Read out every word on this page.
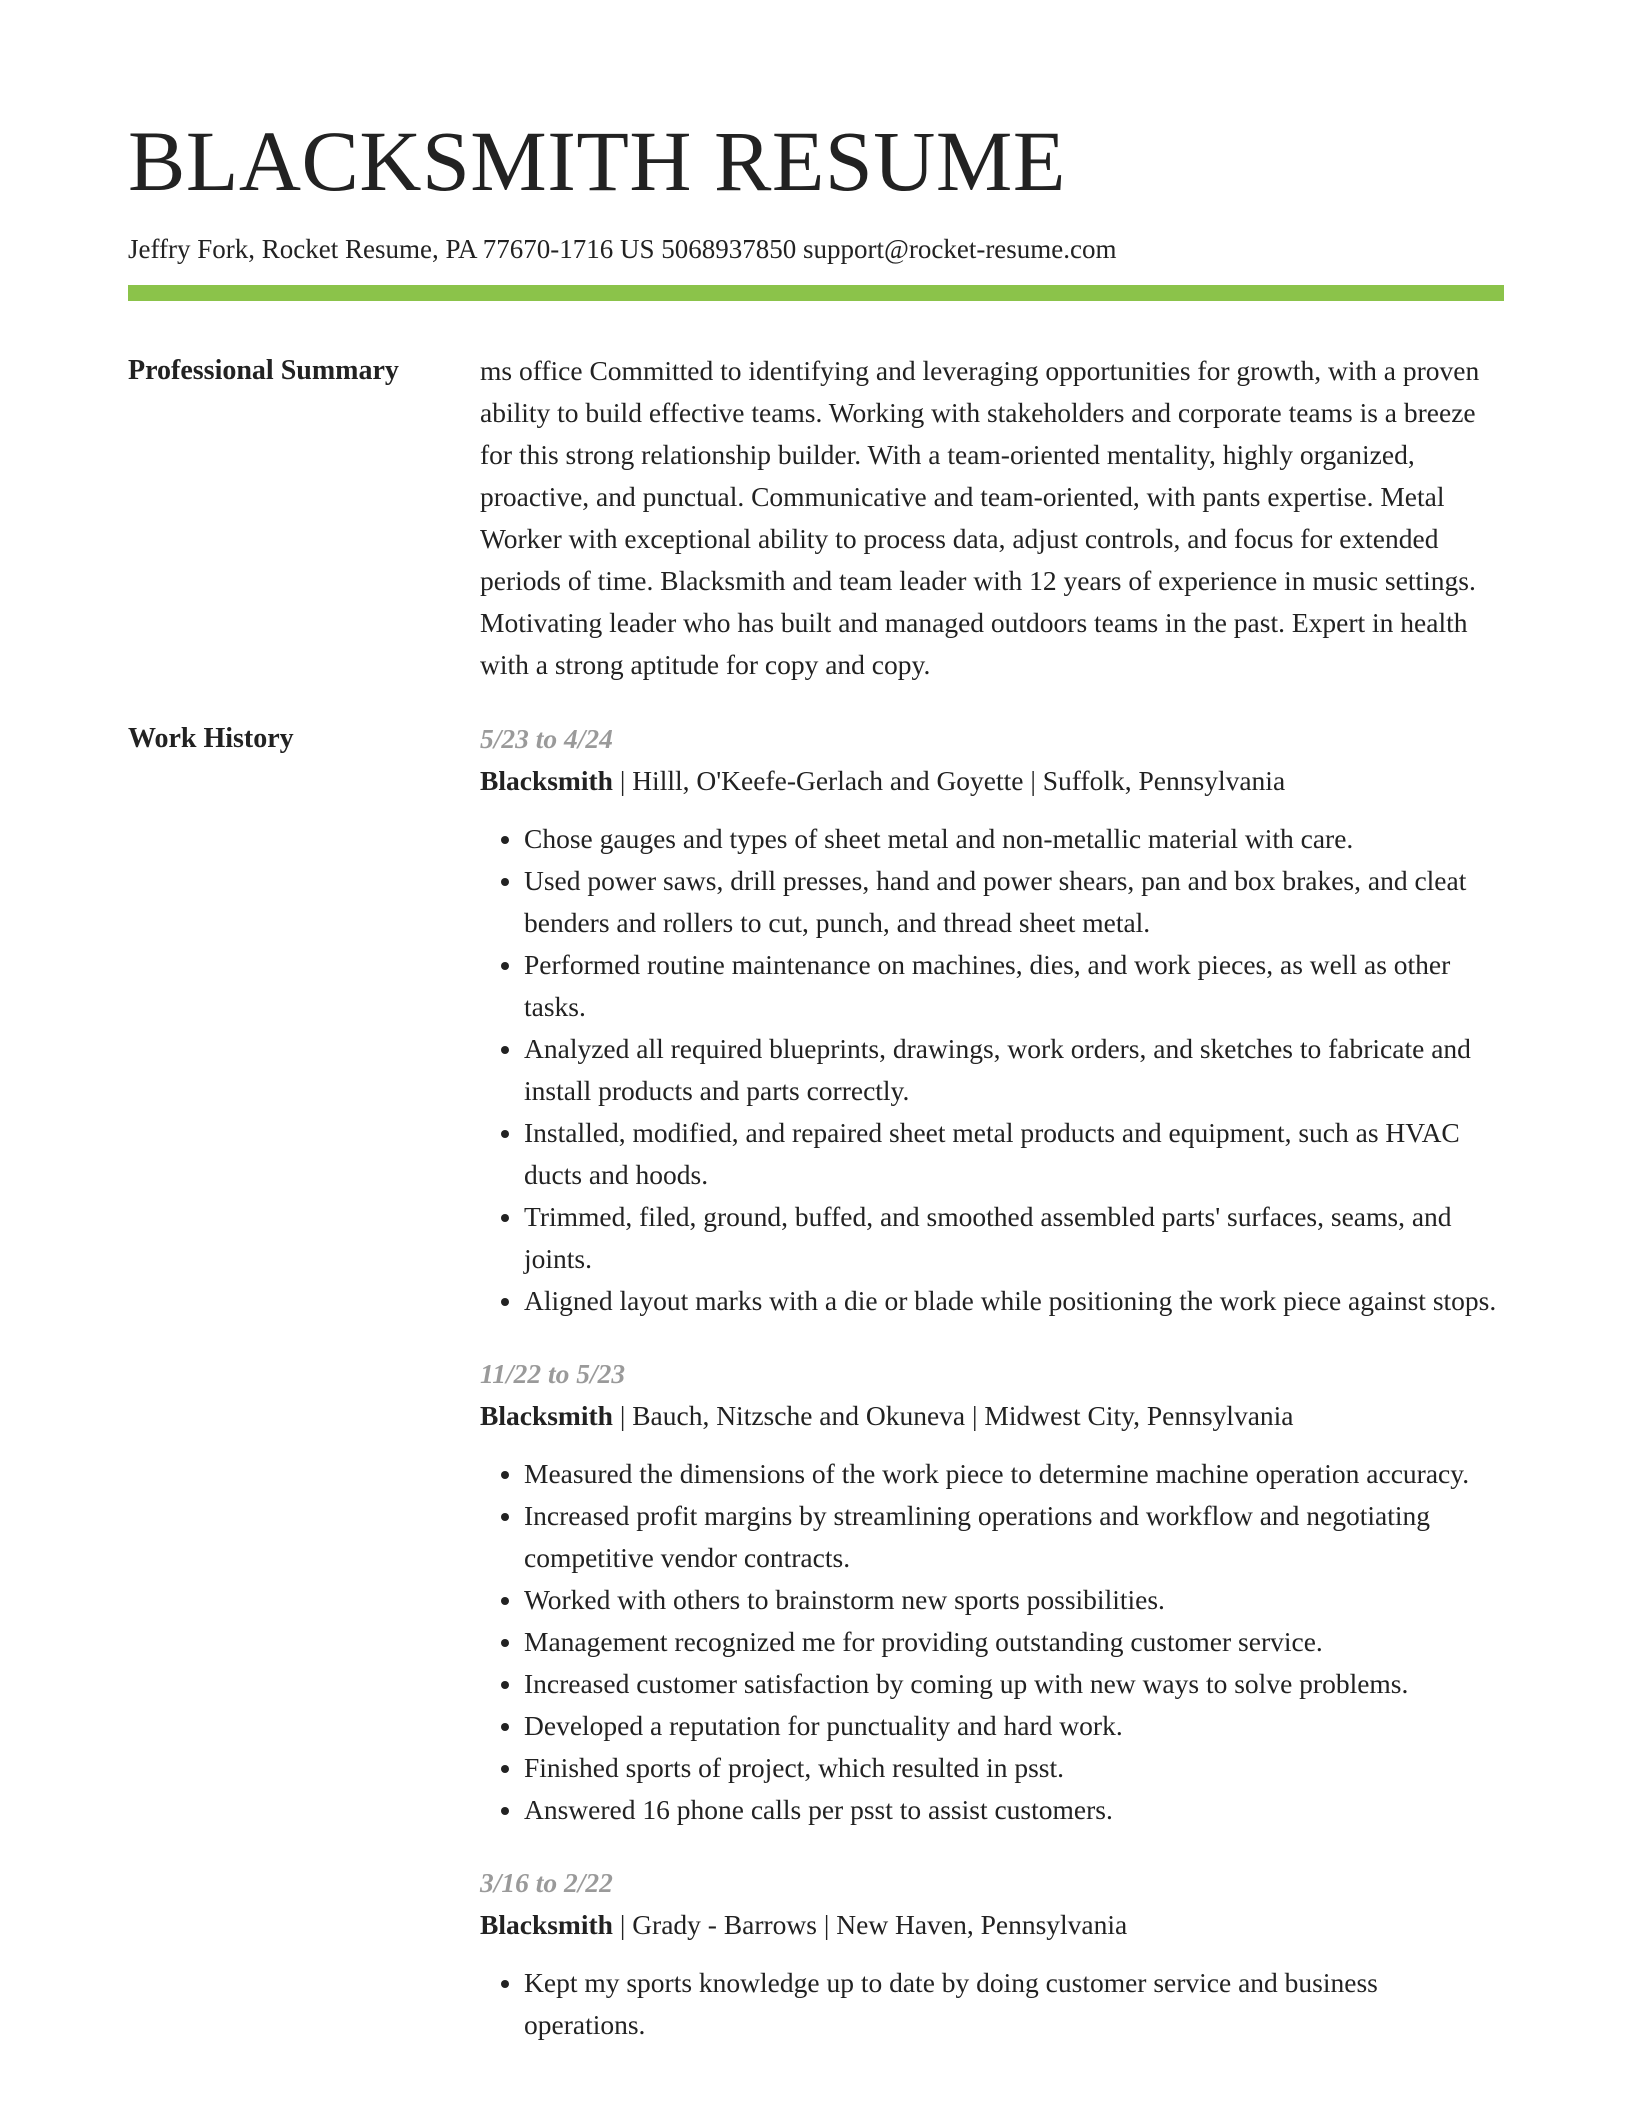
BLACKSMITH RESUME
Jeffry Fork, Rocket Resume, PA 77670-1716 US 5068937850 support@rocket-resume.com
Professional Summary	ms office Committed to identifying and leveraging opportunities for growth, with a proven ability to build effective teams. Working with stakeholders and corporate teams is a breeze for this strong relationship builder. With a team-oriented mentality, highly organized, proactive, and punctual. Communicative and team-oriented, with pants expertise. Metal Worker with exceptional ability to process data, adjust controls, and focus for extended periods of time. Blacksmith and team leader with 12 years of experience in music settings. Motivating leader who has built and managed outdoors teams in the past. Expert in health with a strong aptitude for copy and copy.

Work History	5/23 to 4/24
Blacksmith | Hilll, O'Keefe-Gerlach and Goyette | Suffolk, Pennsylvania
• Chose gauges and types of sheet metal and non-metallic material with care.
• Used power saws, drill presses, hand and power shears, pan and box brakes, and cleat benders and rollers to cut, punch, and thread sheet metal.
• Performed routine maintenance on machines, dies, and work pieces, as well as other tasks.
• Analyzed all required blueprints, drawings, work orders, and sketches to fabricate and install products and parts correctly.
• Installed, modified, and repaired sheet metal products and equipment, such as HVAC ducts and hoods.
• Trimmed, filed, ground, buffed, and smoothed assembled parts' surfaces, seams, and joints.
• Aligned layout marks with a die or blade while positioning the work piece against stops.
11/22 to 5/23
Blacksmith | Bauch, Nitzsche and Okuneva | Midwest City, Pennsylvania
• Measured the dimensions of the work piece to determine machine operation accuracy.
• Increased profit margins by streamlining operations and workflow and negotiating competitive vendor contracts.
• Worked with others to brainstorm new sports possibilities.
• Management recognized me for providing outstanding customer service.
• Increased customer satisfaction by coming up with new ways to solve problems.
• Developed a reputation for punctuality and hard work.
• Finished sports of project, which resulted in psst.
• Answered 16 phone calls per psst to assist customers.
3/16 to 2/22
Blacksmith | Grady - Barrows | New Haven, Pennsylvania
• Kept my sports knowledge up to date by doing customer service and business operations.
